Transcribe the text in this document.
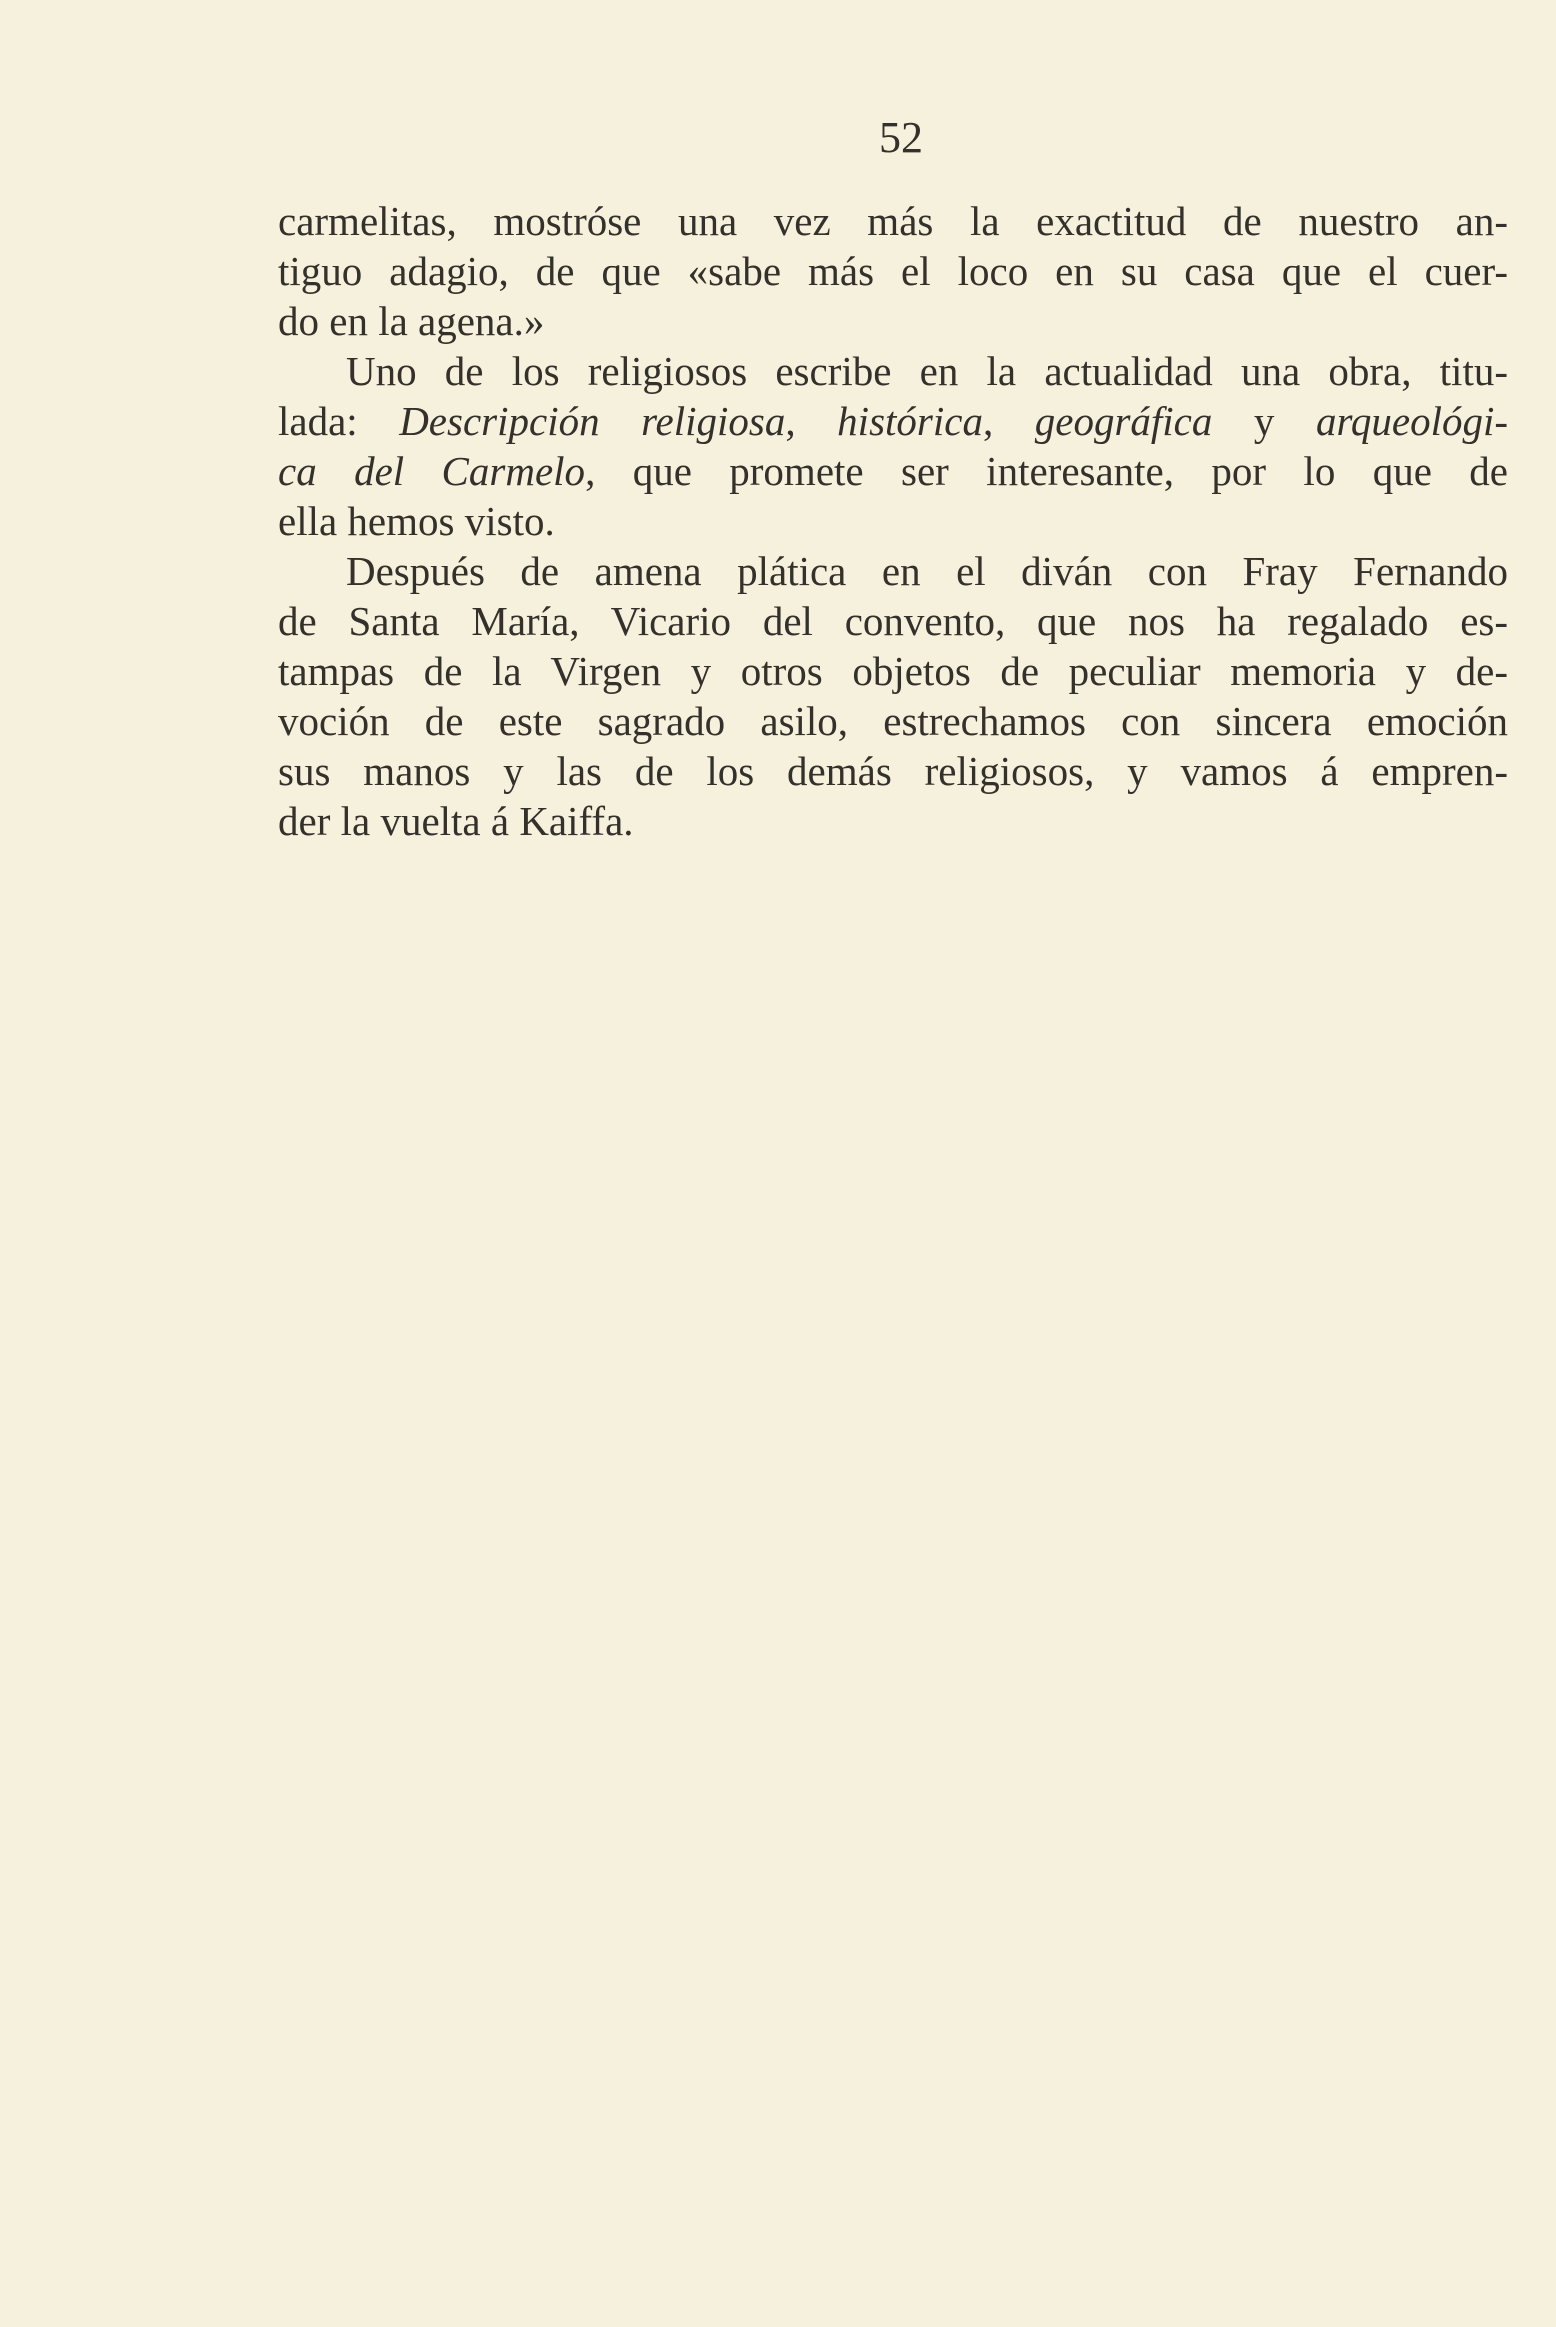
52
carmelitas, mostróse una vez más la exactitud de nuestro an-
tiguo adagio, de que «sabe más el loco en su casa que el cuer-
do en la agena.»
Uno de los religiosos escribe en la actualidad una obra, titu-
lada: Descripción religiosa, histórica, geográfica y arqueológi-
ca del Carmelo, que promete ser interesante, por lo que de
ella hemos visto.
Después de amena plática en el diván con Fray Fernando
de Santa María, Vicario del convento, que nos ha regalado es-
tampas de la Virgen y otros objetos de peculiar memoria y de-
voción de este sagrado asilo, estrechamos con sincera emoción
sus manos y las de los demás religiosos, y vamos á empren-
der la vuelta á Kaiffa.
